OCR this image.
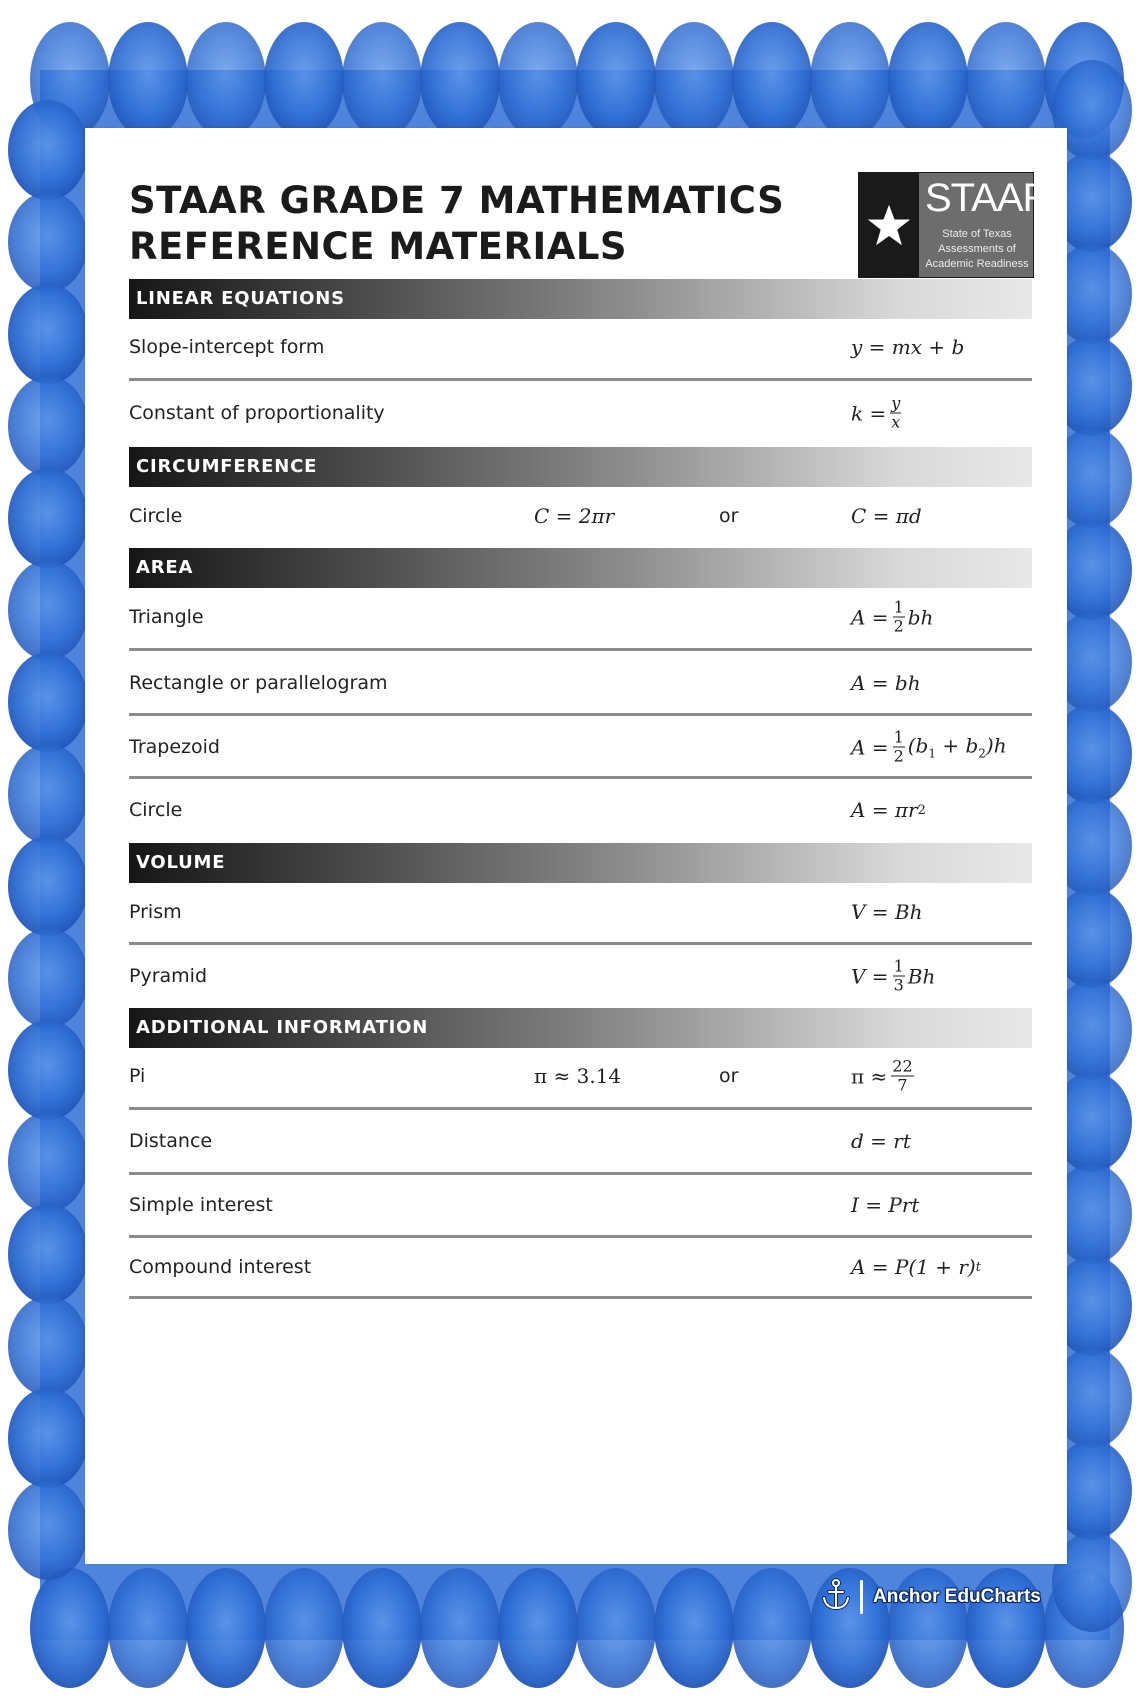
STAAR GRADE 7 MATHEMATICS
REFERENCE MATERIALS
STAAR
State of Texas
Assessments of
Academic Readiness
LINEAR EQUATIONS
Slope-intercept form	y = mx + b
Constant of proportionality	$k = \frac{y}{x}$
CIRCUMFERENCE
Circle	C = 2πr	or	C = πd
AREA
Triangle	$A = \frac{1}{2}$ bh
Rectangle or parallelogram	A = bh
Trapezoid	$A = \frac{1}{2} (b_1 + b_2)h$
Circle	A = πr 2
VOLUME
Prism	V = Bh
Pyramid	$V = \frac{1}{3}$ Bh
ADDITIONAL INFORMATION
Pi	π ≈ 3.14	or	$\pi \approx \frac{22}{7}$
Distance	d = rt
Simple interest	I = Prt
Compound interest	A = P(1 + r) t
Anchor EduCharts
